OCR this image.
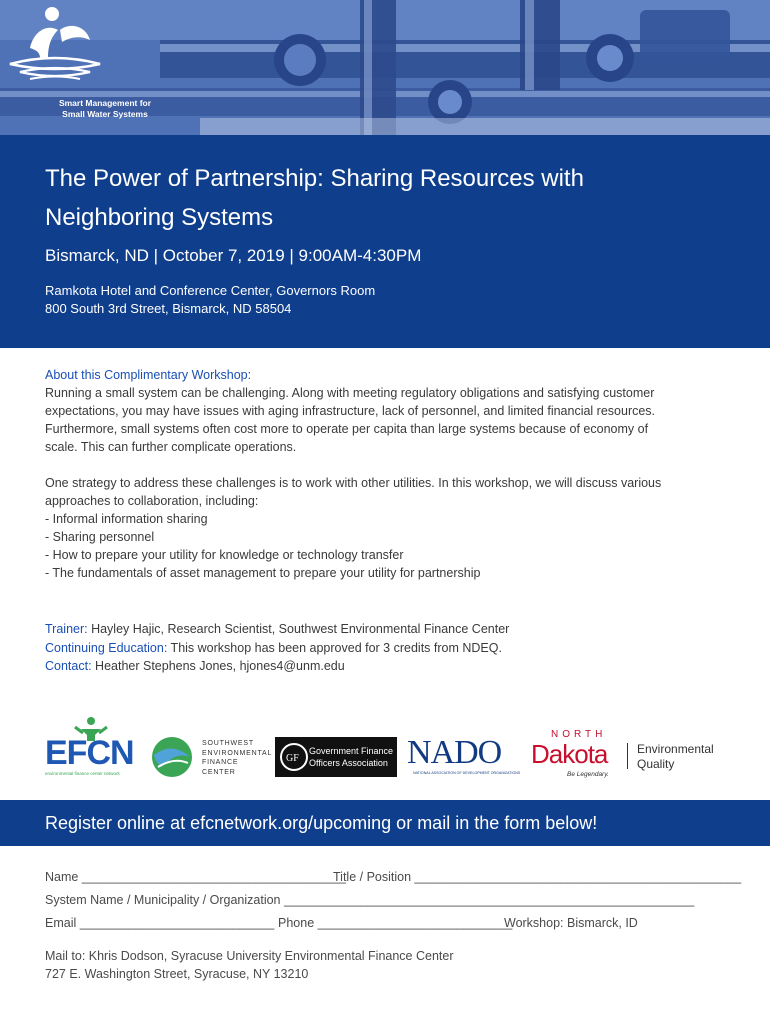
Smart Management for
Small Water Systems
The Power of Partnership: Sharing Resources with Neighboring Systems
Bismarck, ND | October 7, 2019 | 9:00AM-4:30PM
Ramkota Hotel and Conference Center, Governors Room
800 South 3rd Street, Bismarck, ND 58504
About this Complimentary Workshop:

Running a small system can be challenging. Along with meeting regulatory obligations and satisfying customer
expectations, you may have issues with aging infrastructure, lack of personnel, and limited financial resources.
Furthermore, small systems often cost more to operate per capita than large systems because of economy of
scale. This can further complicate operations.

One strategy to address these challenges is to work with other utilities. In this workshop, we will discuss various
approaches to collaboration, including:
- Informal information sharing
- Sharing personnel
- How to prepare your utility for knowledge or technology transfer
- The fundamentals of asset management to prepare your utility for partnership

Trainer: Hayley Hajic, Research Scientist, Southwest Environmental Finance Center
Continuing Education: This workshop has been approved for 3 credits from NDEQ.
Contact: Heather Stephens Jones, hjones4@unm.edu
EFCN
environmental finance center network
SOUTHWEST
ENVIRONMENTAL
FINANCE CENTER
GF
Government Finance
Officers Association NADO
NATIONAL ASSOCIATION OF DEVELOPMENT ORGANIZATIONS
NORTH
Dakota
Be Legendary.
Environmental
Quality
Register online at efcnetwork.org/upcoming or mail in the form below!
Name ______________________________________
Title / Position _______________________________________________
System Name / Municipality / Organization ___________________________________________________________
Email ____________________________ Phone ____________________________
Workshop: Bismarck, ID
Mail to: Khris Dodson, Syracuse University Environmental Finance Center
727 E. Washington Street, Syracuse, NY 13210
